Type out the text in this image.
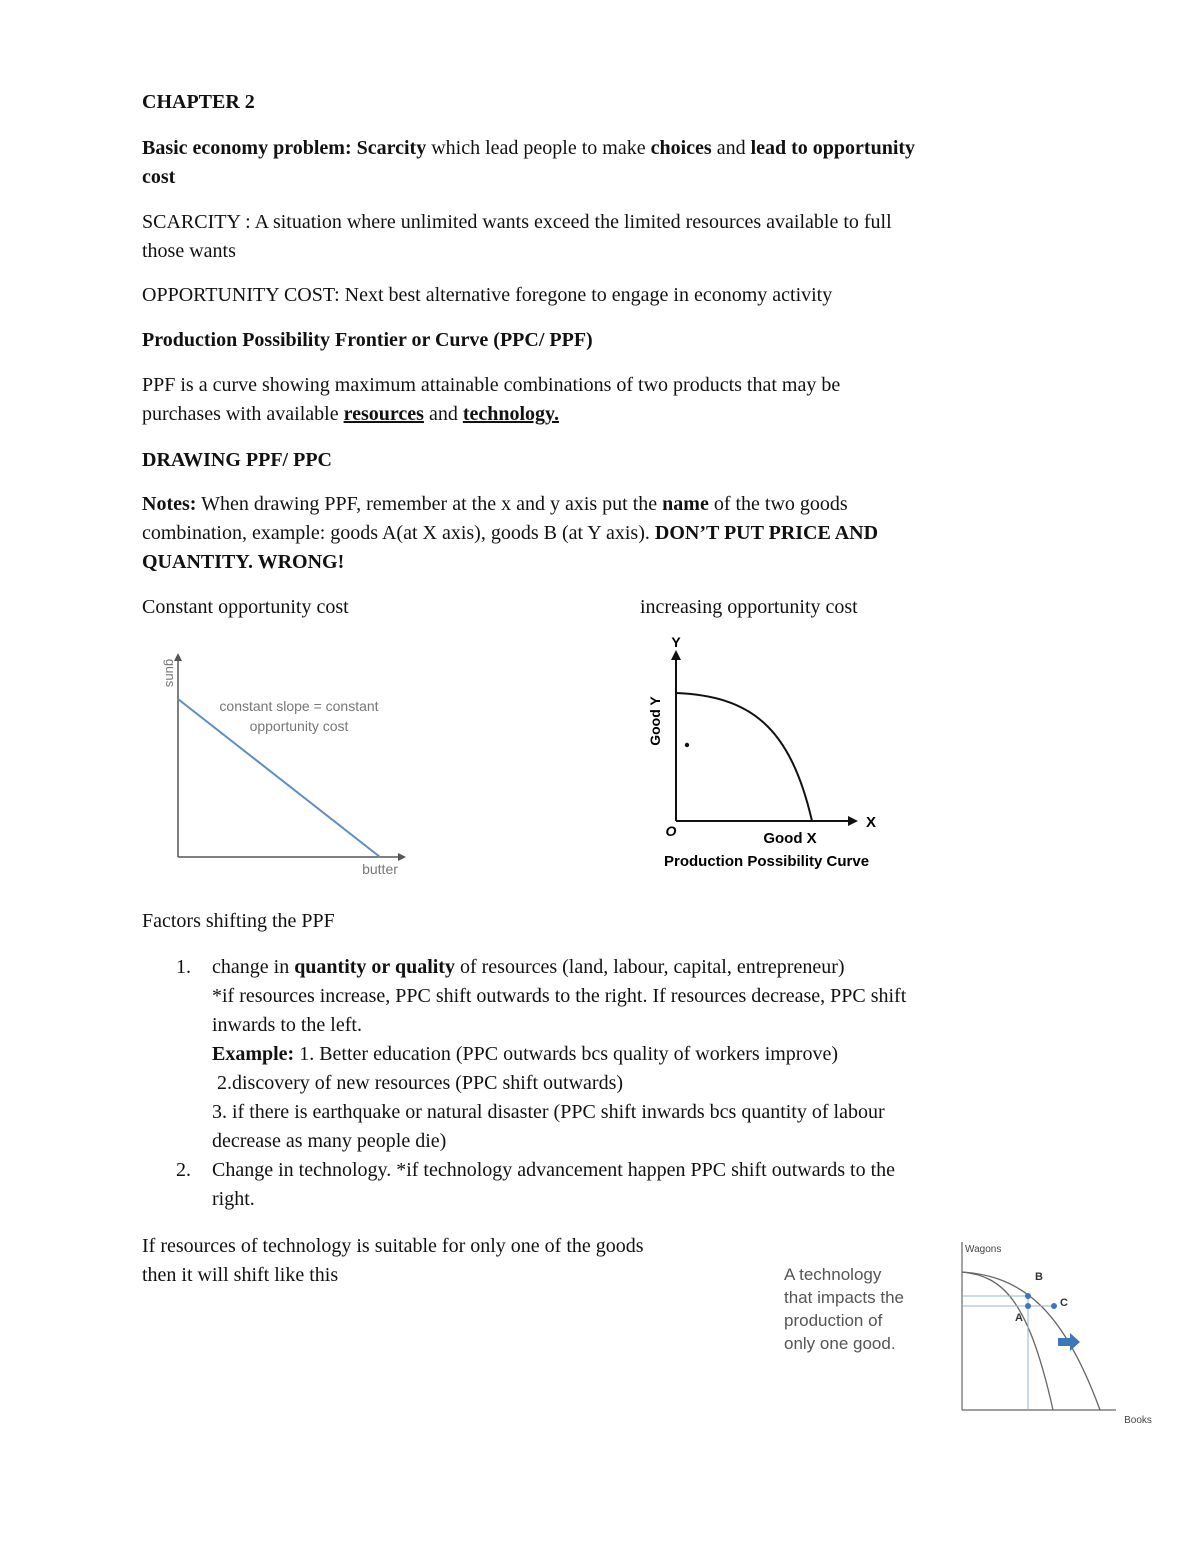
CHAPTER 2
Basic economy problem: Scarcity which lead people to make choices and lead to opportunity
cost
SCARCITY : A situation where unlimited wants exceed the limited resources available to full
those wants
OPPORTUNITY COST: Next best alternative foregone to engage in economy activity
Production Possibility Frontier or Curve (PPC/ PPF)
PPF is a curve showing maximum attainable combinations of two products that may be
purchases with available resources and technology.
DRAWING PPF/ PPC
Notes: When drawing PPF, remember at the x and y axis put the name of the two goods
combination, example: goods A(at X axis), goods B (at Y axis). DON’T PUT PRICE AND
QUANTITY. WRONG!
Constant opportunity cost	increasing opportunity cost
guns
butter
constant slope = constant
opportunity cost
Y
X
O
Good Y
Good X
Production Possibility Curve
Factors shifting the PPF
1. change in quantity or quality of resources (land, labour, capital, entrepreneur)
*if resources increase, PPC shift outwards to the right. If resources decrease, PPC shift
inwards to the left.
Example: 1. Better education (PPC outwards bcs quality of workers improve)
2.discovery of new resources (PPC shift outwards)
3. if there is earthquake or natural disaster (PPC shift inwards bcs quantity of labour
decrease as many people die)
2. Change in technology. *if technology advancement happen PPC shift outwards to the
right.
If resources of technology is suitable for only one of the goods
then it will shift like this	A technology
that impacts the
production of
only one good.
Wagons
Books
B
A
C
